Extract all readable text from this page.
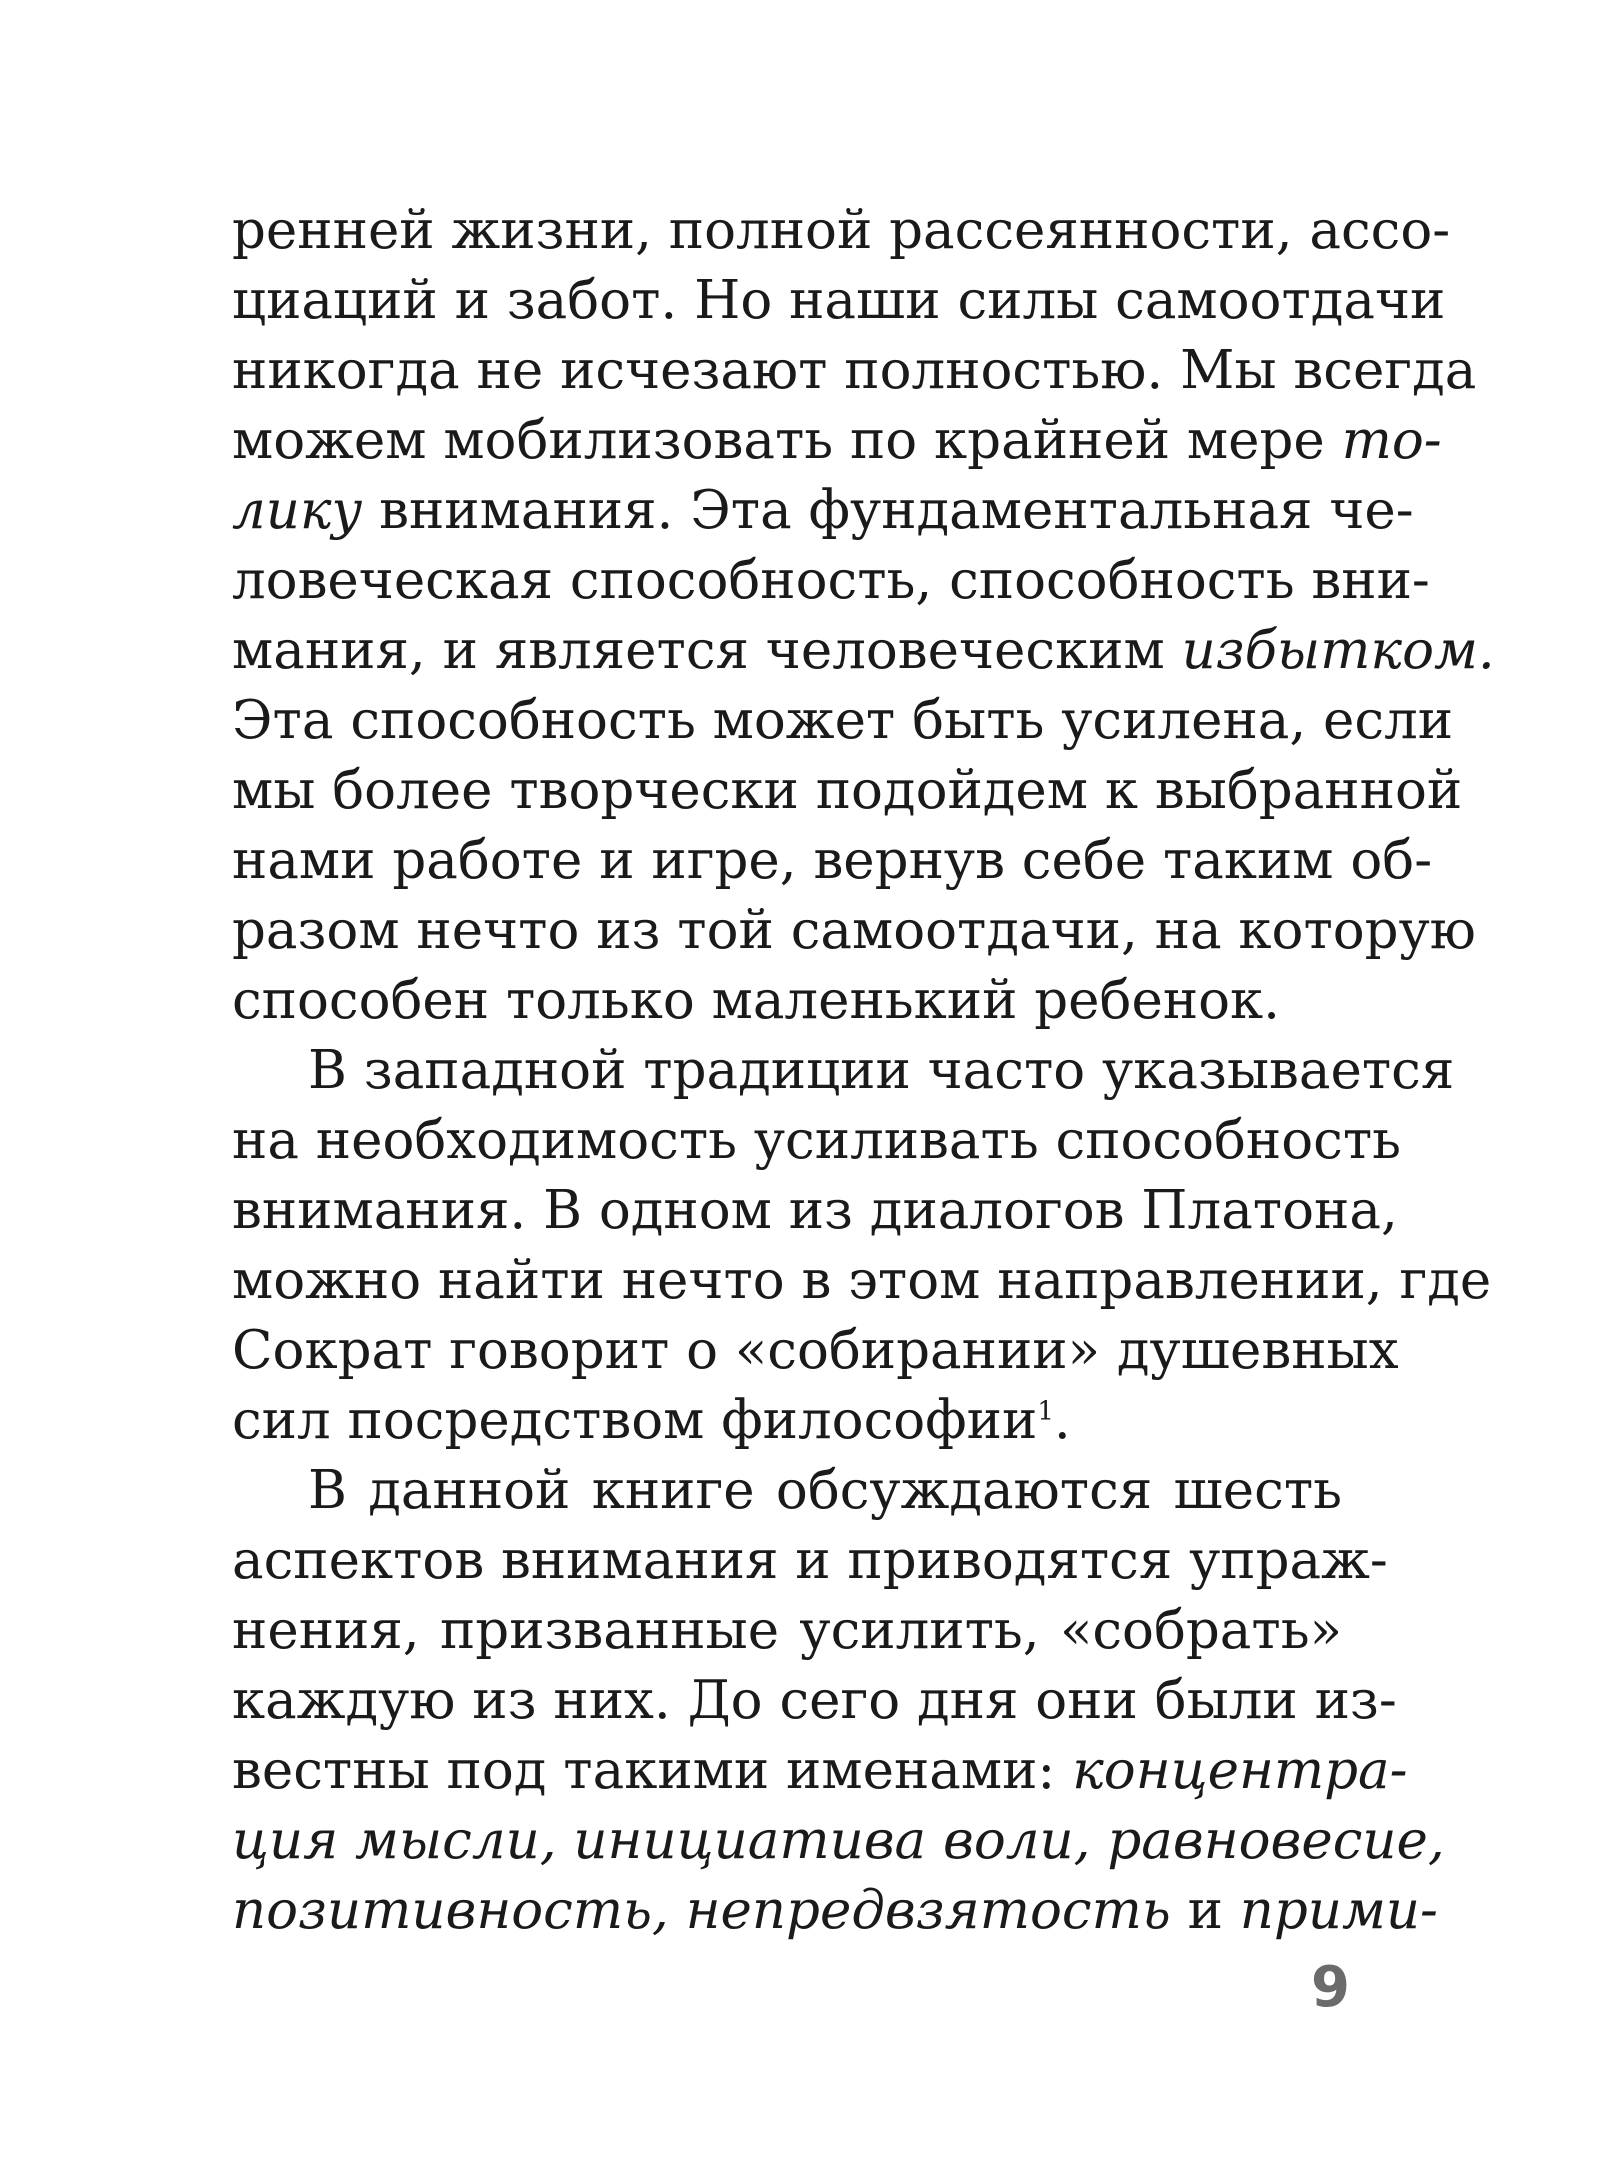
ренней жизни, полной рассеянности, ассо-
циаций и забот. Но наши силы самоотдачи
никогда не исчезают полностью. Мы всегда
можем мобилизовать по крайней мере то-
лику внимания. Эта фундаментальная че-
ловеческая способность, способность вни-
мания, и является человеческим избытком.
Эта способность может быть усилена, если
мы более творчески подойдем к выбранной
нами работе и игре, вернув себе таким об-
разом нечто из той самоотдачи, на которую
способен только маленький ребенок.
В западной традиции часто указывается
на необходимость усиливать способность
внимания. В одном из диалогов Платона,
можно найти нечто в этом направлении, где
Сократ говорит о «собирании» душевных
сил посредством философии$^1$.
В данной книге обсуждаются шесть
аспектов внимания и приводятся упраж-
нения, призванные усилить, «собрать»
каждую из них. До сего дня они были из-
вестны под такими именами: концентра-
ция мысли, инициатива воли, равновесие,
позитивность, непредвзятость и прими-
9
